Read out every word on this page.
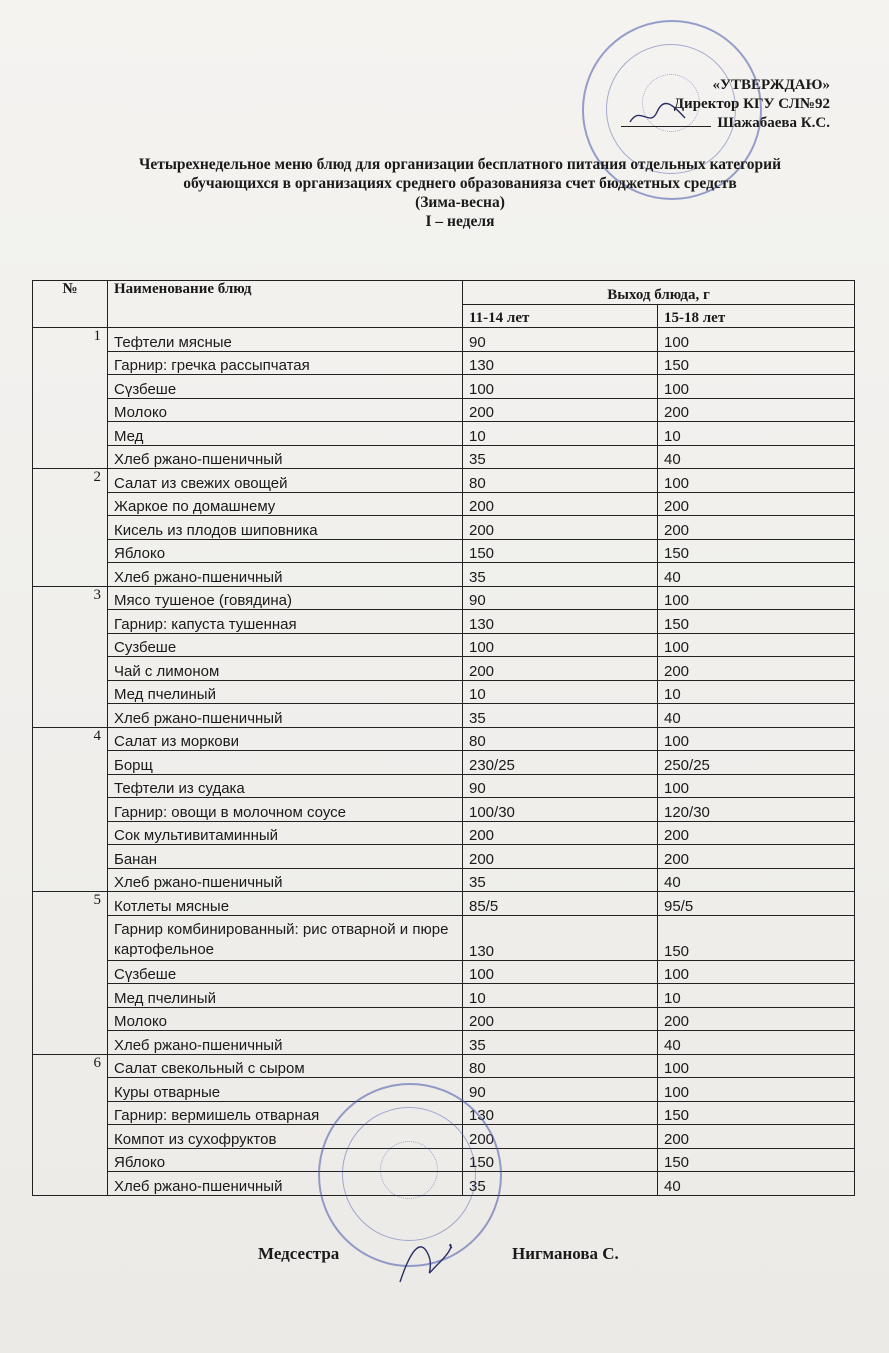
«УТВЕРЖДАЮ»
Директор КГУ СЛ№92
Шажабаева К.С.
Четырехнедельное меню блюд для организации бесплатного питания отдельных категорий
обучающихся в организациях среднего образованияза счет бюджетных средств
(Зима-весна)
I – неделя
№	Наименование блюд	Выход блюда, г	
		11-14 лет	15-18 лет
1	Тефтели мясные	90	100
	Гарнир: гречка рассыпчатая	130	150
	Сүзбеше	100	100
	Молоко	200	200
	Мед	10	10
	Хлеб ржано-пшеничный	35	40
2	Салат из свежих овощей	80	100
	Жаркое по домашнему	200	200
	Кисель из плодов шиповника	200	200
	Яблоко	150	150
	Хлеб ржано-пшеничный	35	40
3	Мясо тушеное (говядина)	90	100
	Гарнир: капуста тушенная	130	150
	Сузбеше	100	100
	Чай с лимоном	200	200
	Мед пчелиный	10	10
	Хлеб ржано-пшеничный	35	40
4	Салат из моркови	80	100
	Борщ	230/25	250/25
	Тефтели из судака	90	100
	Гарнир: овощи в молочном соусе	100/30	120/30
	Сок мультивитаминный	200	200
	Банан	200	200
	Хлеб ржано-пшеничный	35	40
5	Котлеты мясные	85/5	95/5
	Гарнир комбинированный: рис отварной и пюре картофельное	130	150
	Сүзбеше	100	100
	Мед пчелиный	10	10
	Молоко	200	200
	Хлеб ржано-пшеничный	35	40
6	Салат свекольный с сыром	80	100
	Куры отварные	90	100
	Гарнир: вермишель отварная	130	150
	Компот из сухофруктов	200	200
	Яблоко	150	150
	Хлеб ржано-пшеничный	35	40
Медсестра	Нигманова С.
